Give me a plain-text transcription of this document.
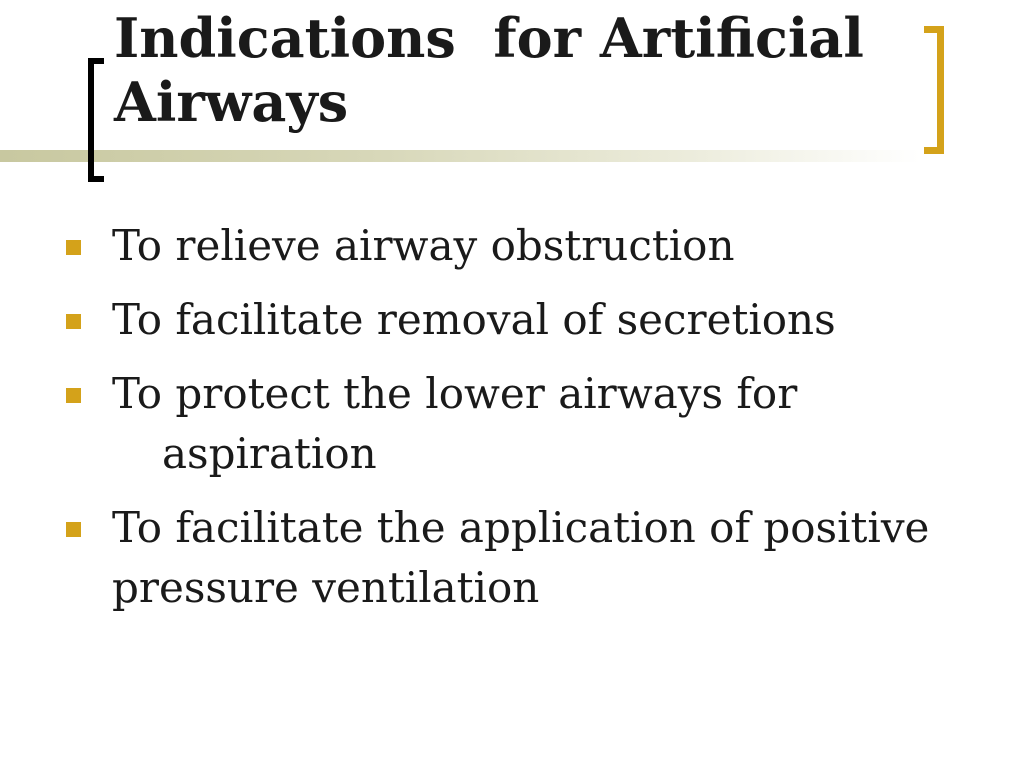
Indications  for Artificial
Airways
To relieve airway obstruction
To facilitate removal of secretions
To protect the lower airways for
aspiration
To facilitate the application of positive pressure ventilation
